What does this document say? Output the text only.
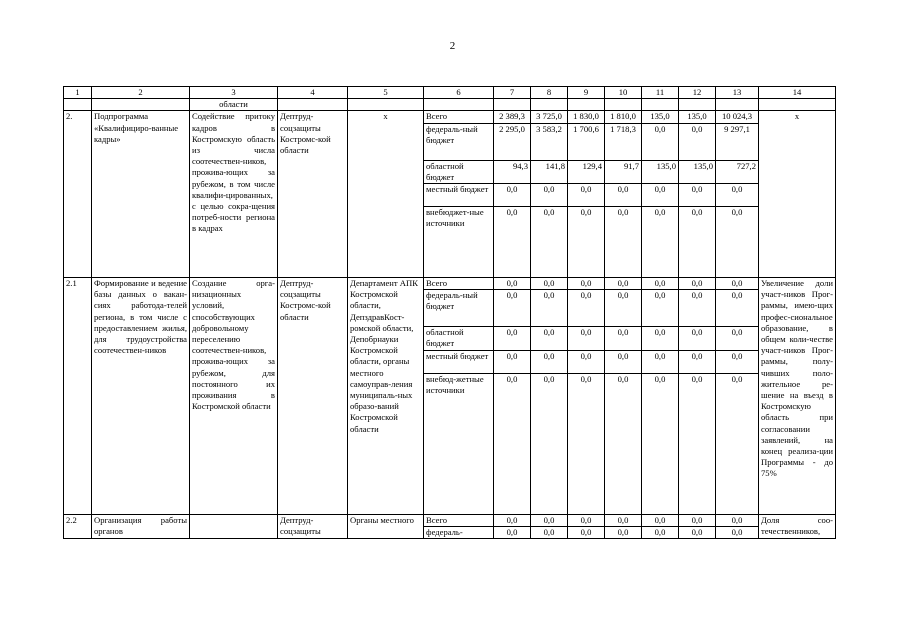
2
1	2	3	4	5	6	7	8	9	10	11	12	13	14
		области											
2.	Подпрограмма «Квалифициро-ванные кадры»	Содействие притоку кадров в Костромскую область из числа соотечествен-ников, прожива-ющих за рубежом, в том числе квалифи-цированных, с целью сокра-щения потреб-ности региона в кадрах	Дептруд-соцзащиты Костромс-кой области	х	Всего	2 389,3	3 725,0	1 830,0	1 810,0	135,0	135,0	10 024,3	х
					федераль-ный бюджет	2 295,0	3 583,2	1 700,6	1 718,3	0,0	0,0	9 297,1	
					областной бюджет	94,3	141,8	129,4	91,7	135,0	135,0	727,2	
					местный бюджет	0,0	0,0	0,0	0,0	0,0	0,0	0,0	
					внебюджет-ные источники	0,0	0,0	0,0	0,0	0,0	0,0	0,0	
2.1	Формирование и ведение базы данных о вакан-сиях работода-телей региона, в том числе с предоставлением жилья, для трудоустройства соотечествен-ников	Создание орга-низационных условий, способствующих добровольному переселению соотечествен-ников, прожива-ющих за рубежом, для постоянного их проживания в Костромской области	Дептруд-соцзащиты Костромс-кой области	Департамент АПК Костромской области, ДепздравКост-ромской области, Депобрнауки Костромской области, органы местного самоуправ-ления муниципаль-ных образо-ваний Костромской области	Всего	0,0	0,0	0,0	0,0	0,0	0,0	0,0	Увеличение доли участ-ников Прог-раммы, имею-щих профес-сиональное образование, в общем коли-честве участ-ников Прог-раммы, полу-чивших поло-жительное ре-шение на въезд в Костромскую область при согласовании заявлений, на конец реализа-ции Программы - до 75%
					федераль-ный бюджет	0,0	0,0	0,0	0,0	0,0	0,0	0,0	
					областной бюджет	0,0	0,0	0,0	0,0	0,0	0,0	0,0	
					местный бюджет	0,0	0,0	0,0	0,0	0,0	0,0	0,0	
					внебюд-жетные источники	0,0	0,0	0,0	0,0	0,0	0,0	0,0	
2.2	Организация работы органов		Дептруд-соцзащиты	Органы местного	Всего	0,0	0,0	0,0	0,0	0,0	0,0	0,0	Доля соо-течественников,
					федераль-	0,0	0,0	0,0	0,0	0,0	0,0	0,0	
